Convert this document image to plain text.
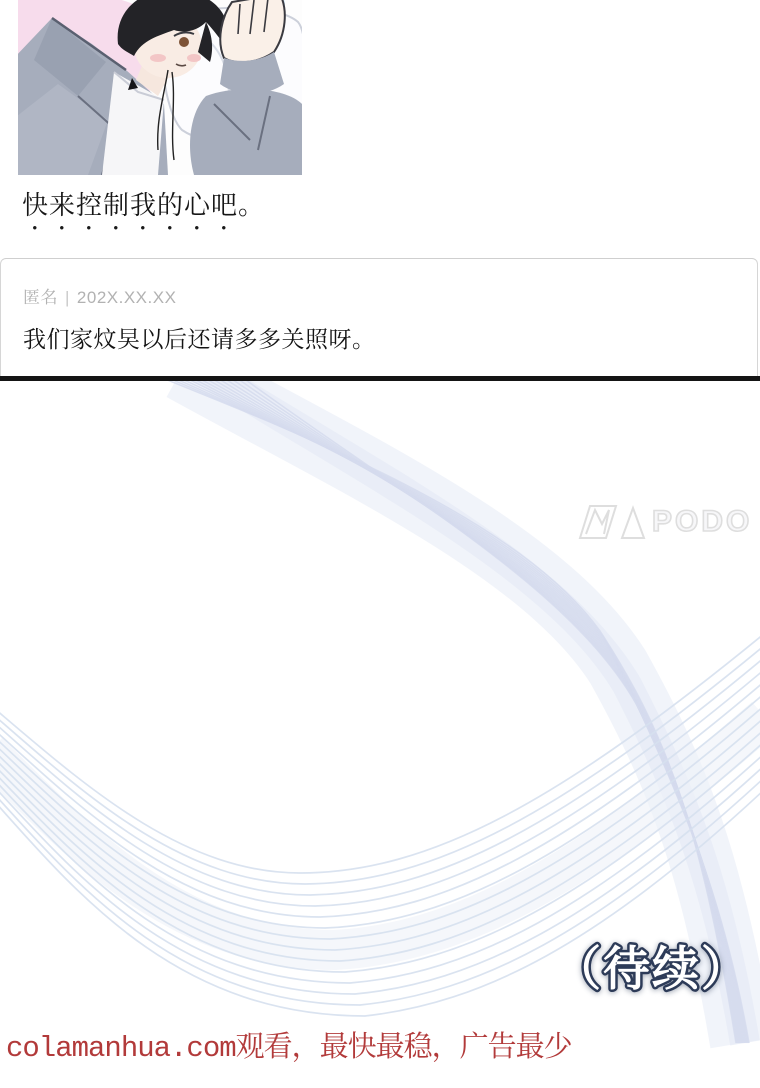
快来控制我的心吧。
匿名 | 202X.XX.XX
我们家炆旲以后还请多多关照呀。
PODO
（待续）
colamanhua.com观看，最快最稳，广告最少
